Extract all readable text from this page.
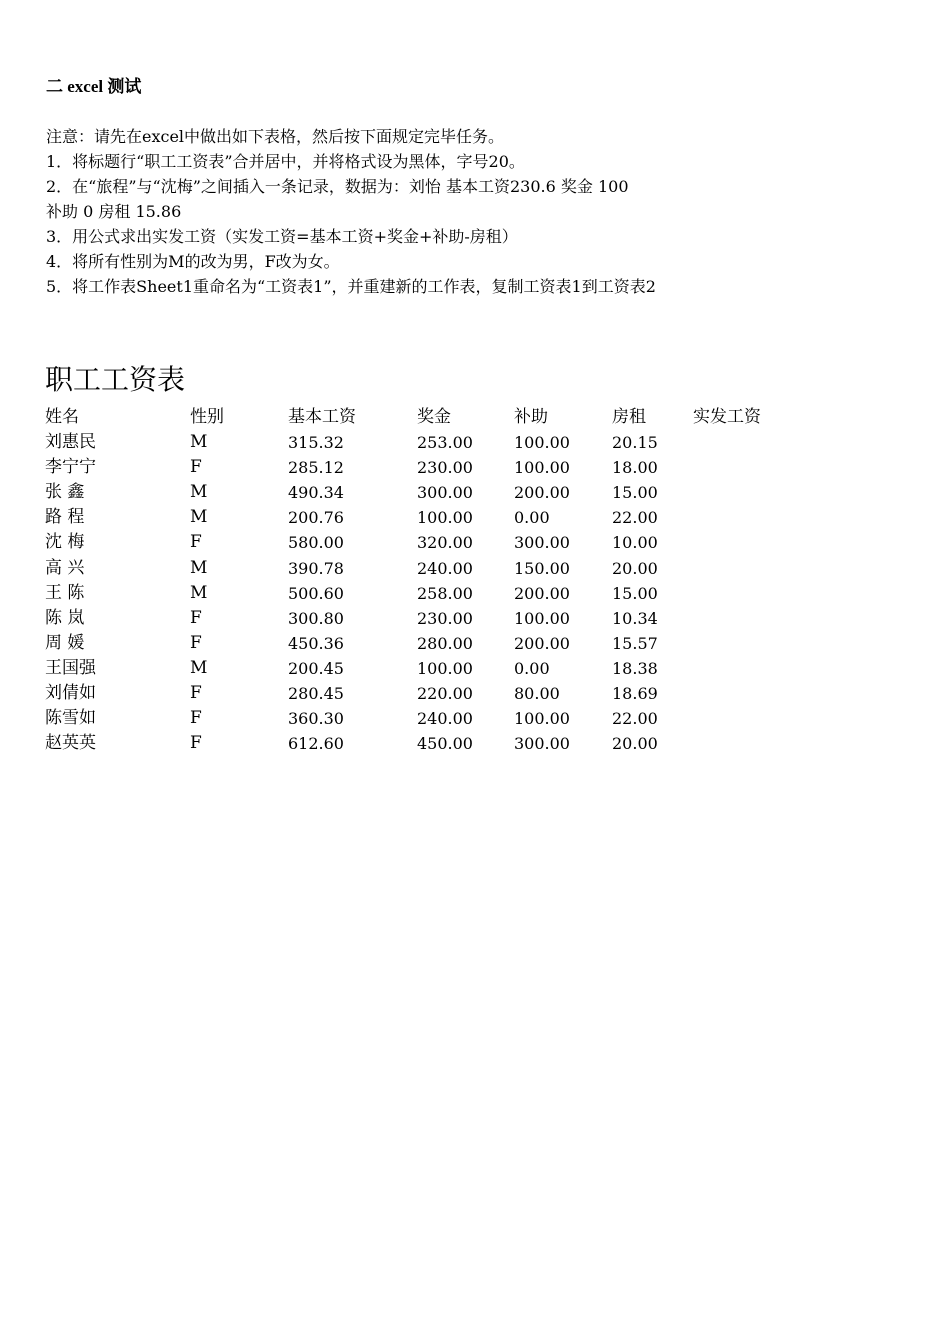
二 excel 测试
注意：请先在excel中做出如下表格，然后按下面规定完毕任务。
1．将标题行“职工工资表”合并居中，并将格式设为黑体，字号20。
2．在“旅程”与“沈梅”之间插入一条记录，数据为：刘怡 基本工资230.6 奖金 100
补助 0 房租 15.86
3．用公式求出实发工资（实发工资=基本工资+奖金+补助-房租）
4．将所有性别为M的改为男，F改为女。
5．将工作表Sheet1重命名为“工资表1”，并重建新的工作表，复制工资表1到工资表2
职工工资表
姓名	性别	基本工资	奖金	补助	房租	实发工资
刘惠民	M	315.32	253.00	100.00	20.15
李宁宁	F	285.12	230.00	100.00	18.00
张 鑫	M	490.34	300.00	200.00	15.00
路 程	M	200.76	100.00	0.00	22.00
沈 梅	F	580.00	320.00	300.00	10.00
高 兴	M	390.78	240.00	150.00	20.00
王 陈	M	500.60	258.00	200.00	15.00
陈 岚	F	300.80	230.00	100.00	10.34
周 媛	F	450.36	280.00	200.00	15.57
王国强	M	200.45	100.00	0.00	18.38
刘倩如	F	280.45	220.00	80.00	18.69
陈雪如	F	360.30	240.00	100.00	22.00
赵英英	F	612.60	450.00	300.00	20.00
